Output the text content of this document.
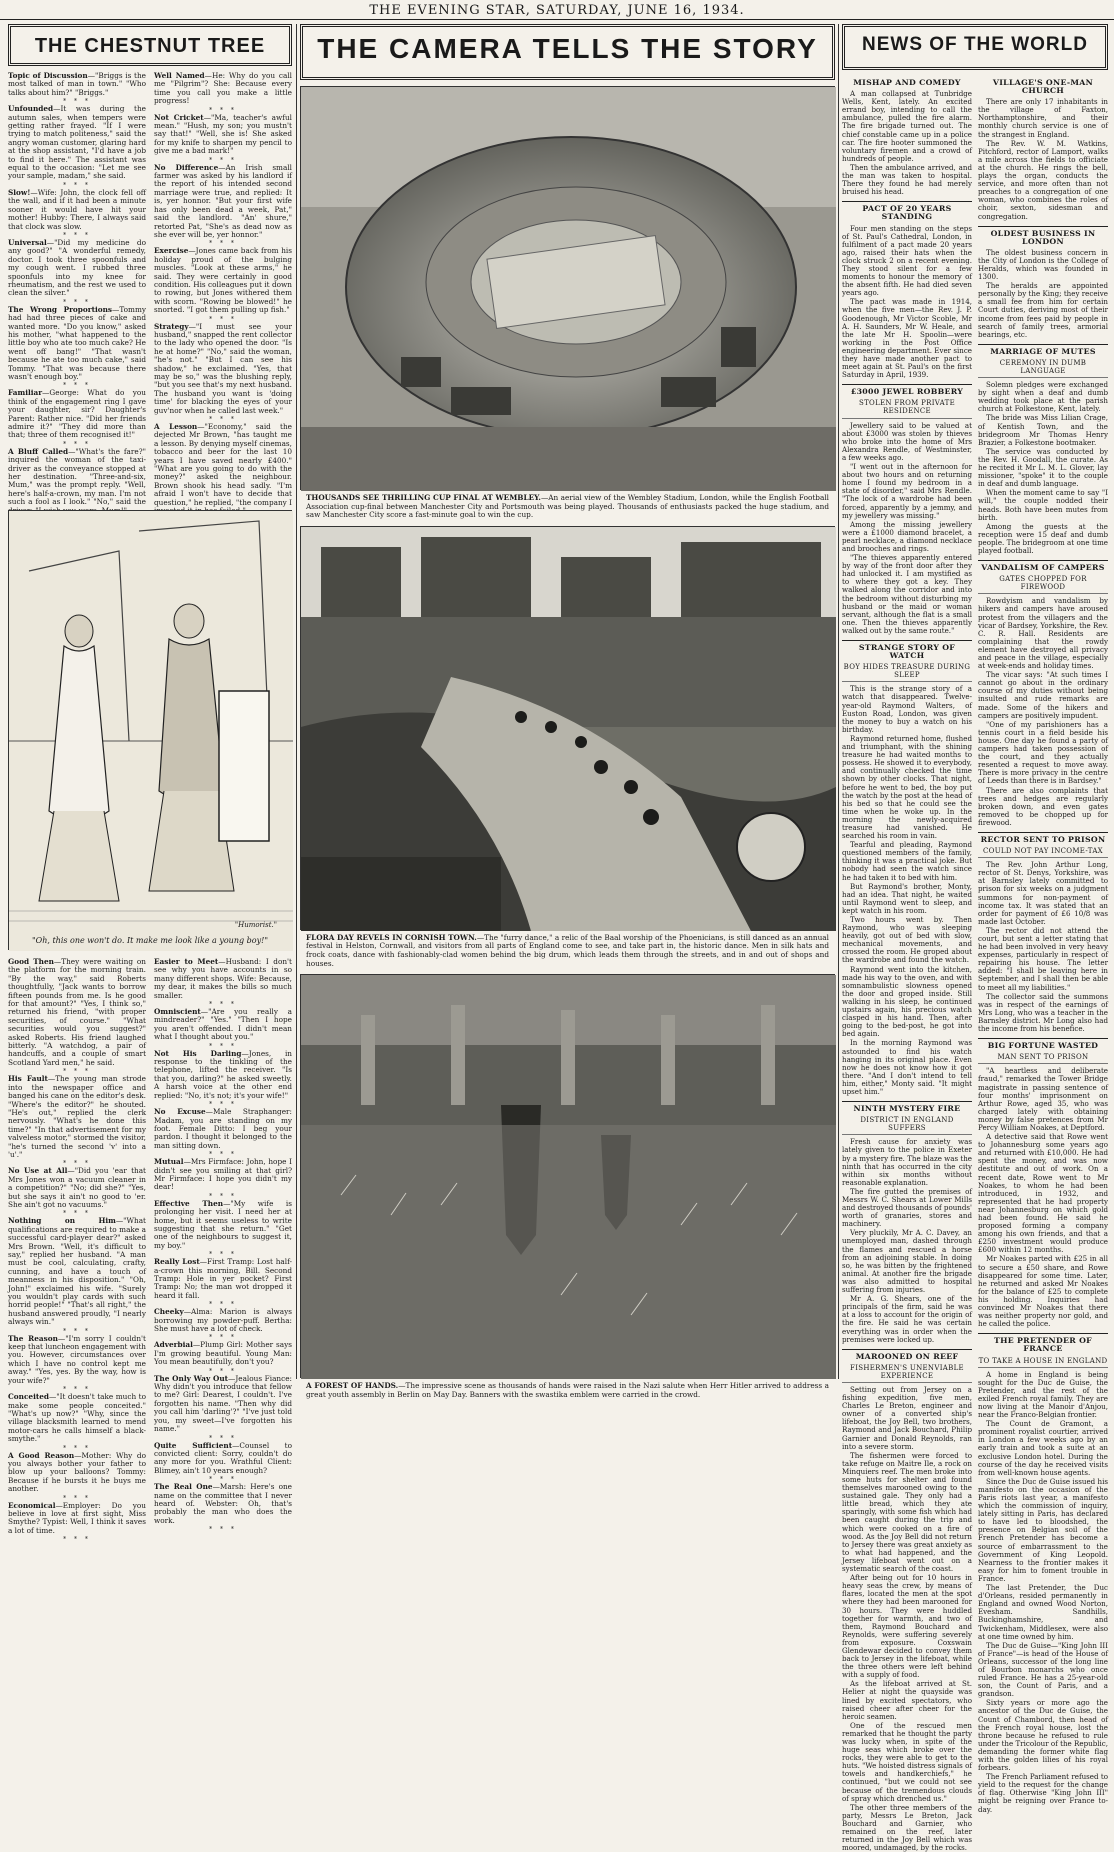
THE EVENING STAR, SATURDAY, JUNE 16, 1934.
THE CHESTNUT TREE
Topic of Discussion—"Briggs is the most talked of man in town." "Who talks about him?" "Briggs."
* * *
Unfounded—It was during the autumn sales, when tempers were getting rather frayed. "If I were trying to match politeness," said the angry woman customer, glaring hard at the shop assistant, "I'd have a job to find it here." The assistant was equal to the occasion: "Let me see your sample, madam," she said.
* * *
Slow!—Wife: John, the clock fell off the wall, and if it had been a minute sooner it would have hit your mother! Hubby: There, I always said that clock was slow.
* * *
Universal—"Did my medicine do any good?" "A wonderful remedy, doctor. I took three spoonfuls and my cough went. I rubbed three spoonfuls into my knee for rheumatism, and the rest we used to clean the silver."
* * *
The Wrong Proportions—Tommy had had three pieces of cake and wanted more. "Do you know," asked his mother, "what happened to the little boy who ate too much cake? He went off bang!" "That wasn't because he ate too much cake," said Tommy. "That was because there wasn't enough boy."
* * *
Familiar—George: What do you think of the engagement ring I gave your daughter, sir? Daughter's Parent: Rather nice. "Did her friends admire it?" "They did more than that; three of them recognised it!"
* * *
A Bluff Called—"What's the fare?" inquired the woman of the taxi-driver as the conveyance stopped at her destination. "Three-and-six, Mum," was the prompt reply. "Well, here's half-a-crown, my man. I'm not such a fool as I look." "No," said the
Well Named—He: Why do you call me "Pilgrim"? She: Because every time you call you make a little progress!
* * *
Not Cricket—"Ma, teacher's awful mean." "Hush, my son; you mustn't say that!" "Well, she is! She asked for my knife to sharpen my pencil to give me a bad mark!"
* * *
No Difference—An Irish small farmer was asked by his landlord if the report of his intended second marriage were true, and replied: It is, yer honnor. "But your first wife has only been dead a week, Pat," said the landlord. "An' shure," retorted Pat, "She's as dead now as she ever will be, yer honnor."
* * *
Exercise—Jones came back from his holiday proud of the bulging muscles. "Look at these arms," he said. They were certainly in good condition. His colleagues put it down to rowing, but Jones withered them with scorn. "Rowing be blowed!" he snorted. "I got them pulling up fish."
* * *
Strategy—"I must see your husband," snapped the rent collector to the lady who opened the door. "Is he at home?" "No," said the woman, "he's not." "But I can see his shadow," he exclaimed. "Yes, that may be so," was the blushing reply, "but you see that's my next husband. The husband you want is 'doing time' for blacking the eyes of your guv'nor when he called last week."
* * *
A Lesson—"Economy," said the dejected Mr Brown, "has taught me a lesson. By denying myself cinemas, tobacco and beer for the last 10 years I have saved nearly £400." "What are you going to do with the money?" asked the neighbour. Brown shook his head sadly. "I'm afraid I won't have to decide that question," he replied, "the company I
"Humorist."
"Oh, this one won't do. It make me look like a young boy!"
Good Then—They were waiting on the platform for the morning train. "By the way," said Roberts thoughtfully, "Jack wants to borrow fifteen pounds from me. Is he good for that amount?" "Yes, I think so," returned his friend, "with proper securities, of course." "What securities would you suggest?" asked Roberts. His friend laughed bitterly. "A watchdog, a pair of handcuffs, and a couple of smart Scotland Yard men," he said.
* * *
His Fault—The young man strode into the newspaper office and banged his cane on the editor's desk. "Where's the editor?" he shouted. "He's out," replied the clerk nervously. "What's he done this time?" "In that advertisement for my valveless motor," stormed the visitor, "he's turned the second 'v' into a 'u'."
* * *
No Use at All—"Did you 'ear that Mrs Jones won a vacuum cleaner in a competition?" "No; did she?" "Yes, but she says it ain't no good to 'er. She ain't got no vacuums."
* * *
Nothing on Him—"What qualifications are required to make a successful card-player dear?" asked Mrs Brown. "Well, it's difficult to say," replied her husband. "A man must be cool, calculating, crafty, cunning, and have a touch of meanness in his disposition." "Oh, John!" exclaimed his wife. "Surely you wouldn't play cards with such horrid people!" "That's all right," the husband answered proudly, "I nearly always win."
* * *
The Reason—"I'm sorry I couldn't keep that luncheon engagement with you. However, circumstances over which I have no control kept me away." "Yes, yes. By the way, how is your wife?"
* * *
Conceited—"It doesn't take much to make some people conceited." "What's up now?" "Why, since the village blacksmith learned to mend motor-cars he calls himself a black-smythe."
* * *
A Good Reason—Mother: Why do you always bother your father to blow up your balloons? Tommy: Because if he bursts it he buys me another.
* * *
Economical—Employer: Do you believe in love at first sight, Miss Smythe? Typist: Well, I think it saves a lot of time.
* * *
Easier to Meet—Husband: I don't see why you have accounts in so many different shops. Wife: Because, my dear, it makes the bills so much smaller.
* * *
Omniscient—"Are you really a mindreader?" "Yes." "Then I hope you aren't offended. I didn't mean what I thought about you."
* * *
Not His Darling—Jones, in response to the tinkling of the telephone, lifted the receiver. "Is that you, darling?" he asked sweetly. A harsh voice at the other end replied: "No, it's not; it's your wife!"
* * *
No Excuse—Male Straphanger: Madam, you are standing on my foot. Female Ditto: I beg your pardon. I thought it belonged to the man sitting down.
* * *
Mutual—Mrs Firmface: John, hope I didn't see you smiling at that girl? Mr Firmface: I hope you didn't my dear!
* * *
Effective Then—"My wife is prolonging her visit. I need her at home, but it seems useless to write suggesting that she return." "Get one of the neighbours to suggest it, my boy."
* * *
Really Lost—First Tramp: Lost half-a-crown this morning, Bill. Second Tramp: Hole in yer pocket? First Tramp: No; the man wot dropped it heard it fall.
* * *
Cheeky—Alma: Marion is always borrowing my powder-puff. Bertha: She must have a lot of check.
* * *
Adverbial—Plump Girl: Mother says I'm growing beautiful. Young Man: You mean beautifully, don't you?
* * *
The Only Way Out—Jealous Fiance: Why didn't you introduce that fellow to me? Girl: Dearest, I couldn't. I've forgotten his name. "Then why did you call him 'darling'?" "I've just told you, my sweet—I've forgotten his name."
* * *
Quite Sufficient—Counsel to convicted client: Sorry, couldn't do any more for you. Wrathful Client: Blimey, ain't 10 years enough?
* * *
The Real One—Marsh: Here's one name on the committee that I never heard of. Webster: Oh, that's probably the man who does the work.
* * *
THE CAMERA TELLS THE STORY
THOUSANDS SEE THRILLING CUP FINAL AT WEMBLEY.—An aerial view of the Wembley Stadium, London, while the English Football Association cup-final between Manchester City and Portsmouth was being played. Thousands of enthusiasts packed the huge stadium, and saw Manchester City score a fast-minute goal to win the cup.
FLORA DAY REVELS IN CORNISH TOWN.—The "furry dance," a relic of the Baal worship of the Phoenicians, is still danced as an annual festival in Helston, Cornwall, and visitors from all parts of England come to see, and take part in, the historic dance. Men in silk hats and frock coats, dance with fashionably-clad women behind the big drum, which leads them through the streets, and in and out of shops and houses.
A FOREST OF HANDS.—The impressive scene as thousands of hands were raised in the Nazi salute when Herr Hitler arrived to address a great youth assembly in Berlin on May Day. Banners with the swastika emblem were carried in the crowd.
NEWS OF THE WORLD
MISHAP AND COMEDY
A man collapsed at Tunbridge Wells, Kent, lately. An excited errand boy, intending to call the ambulance, pulled the fire alarm. The fire brigade turned out. The chief constable came up in a police car. The fire hooter summoned the voluntary firemen and a crowd of hundreds of people.
Then the ambulance arrived, and the man was taken to hospital. There they found he had merely bruised his head.
PACT OF 20 YEARS STANDING
Four men standing on the steps of St. Paul's Cathedral, London, in fulfilment of a pact made 20 years ago, raised their hats when the clock struck 2 on a recent evening. They stood silent for a few moments to honour the memory of the absent fifth. He had died seven years ago.
The pact was made in 1914, when the five men—the Rev. J. P. Goodenough, Mr Victor Scoble, Mr A. H. Saunders, Mr W. Heale, and the late Mr H. Spoolin—were working in the Post Office engineering department. Ever since they have made another pact to meet again at St. Paul's on the first Saturday in April, 1939.
£3000 JEWEL ROBBERY
STOLEN FROM PRIVATE RESIDENCE
Jewellery said to be valued at about £3000 was stolen by thieves who broke into the home of Mrs Alexandra Rendle, of Westminster, a few weeks ago.
"I went out in the afternoon for about two hours and on returning home I found my bedroom in a state of disorder," said Mrs Rendle. "The lock of a wardrobe had been forced, apparently by a jemmy, and my jewellery was missing."
Among the missing jewellery were a £1000 diamond bracelet, a pearl necklace, a diamond necklace and brooches and rings.
"The thieves apparently entered by way of the front door after they had unlocked it. I am mystified as to where they got a key. They walked along the corridor and into the bedroom without disturbing my husband or the maid or woman servant, although the flat is a small one. Then the thieves apparently walked out by the same route."
STRANGE STORY OF WATCH
BOY HIDES TREASURE DURING SLEEP
This is the strange story of a watch that disappeared. Twelve-year-old Raymond Walters, of Euston Road, London, was given the money to buy a watch on his birthday.
Raymond returned home, flushed and triumphant, with the shining treasure he had waited months to possess. He showed it to everybody, and continually checked the time shown by other clocks. That night, before he went to bed, the boy put the watch by the post at the head of his bed so that he could see the time when he woke up. In the morning the newly-acquired treasure had vanished. He searched his room in vain.
Tearful and pleading, Raymond questioned members of the family, thinking it was a practical joke. But nobody had seen the watch since he had taken it to bed with him.
But Raymond's brother, Monty, had an idea. That night, he waited until Raymond went to sleep, and kept watch in his room.
Two hours went by. Then Raymond, who was sleeping heavily, got out of bed with slow, mechanical movements, and crossed the room. He groped about the wardrobe and found the watch.
Raymond went into the kitchen, made his way to the oven, and with somnambulistic slowness opened the door and groped inside. Still walking in his sleep, he continued upstairs again, his precious watch clasped in his hand. Then, after going to the bed-post, he got into bed again.
In the morning Raymond was astounded to find his watch hanging in its original place. Even now he does not know how it got there. "And I don't intend to tell him, either," Monty said. "It might upset him."
NINTH MYSTERY FIRE
DISTRICT IN ENGLAND SUFFERS
Fresh cause for anxiety was lately given to the police in Exeter by a mystery fire. The blaze was the ninth that has occurred in the city within six months without reasonable explanation.
The fire gutted the premises of Messrs W. C. Shears at Lower Mills and destroyed thousands of pounds' worth of granaries, stores and machinery.
Very pluckily, Mr A. C. Davey, an unemployed man, dashed through the flames and rescued a horse from an adjoining stable. In doing so, he was bitten by the frightened animal. At another fire the brigade was also admitted to hospital suffering from injuries.
Mr A. G. Shears, one of the principals of the firm, said he was at a loss to account for the origin of the fire. He said he was certain everything was in order when the premises were locked up.
MAROONED ON REEF
FISHERMEN'S UNENVIABLE EXPERIENCE
Setting out from Jersey on a fishing expedition, five men, Charles Le Breton, engineer and owner of a converted ship's lifeboat, the Joy Bell, two brothers, Raymond and Jack Bouchard, Philip Garnier and Donald Reynolds, ran into a severe storm.
The fishermen were forced to take refuge on Maitre Ile, a rock on Minquiers reef. The men broke into some huts for shelter and found themselves marooned owing to the sustained gale. They only had a little bread, which they ate sparingly, with some fish which had been caught during the trip and which were cooked on a fire of wood. As the Joy Bell did not return to Jersey there was great anxiety as to what had happened, and the Jersey lifeboat went out on a systematic search of the coast.
After being out for 10 hours in heavy seas the crew, by means of flares, located the men at the spot where they had been marooned for 30 hours. They were huddled together for warmth, and two of them, Raymond Bouchard and Reynolds, were suffering severely from exposure. Coxswain Glendewar decided to convey them back to Jersey in the lifeboat, while the three others were left behind with a supply of food.
As the lifeboat arrived at St. Helier at night the quayside was lined by excited spectators, who raised cheer after cheer for the heroic seamen.
One of the rescued men remarked that he thought the party was lucky when, in spite of the huge seas which broke over the rocks, they were able to get to the huts. "We hoisted distress signals of towels and handkerchiefs," he continued, "but we could not see because of the tremendous clouds of spray which drenched us."
The other three members of the party, Messrs Le Breton, Jack Bouchard and Garnier, who remained on the reef, later returned in the Joy Bell which was moored, undamaged, by the rocks.
VILLAGE'S ONE-MAN CHURCH
There are only 17 inhabitants in the village of Faxton, Northamptonshire, and their monthly church service is one of the strangest in England.
The Rev. W. M. Watkins, Pitchford, rector of Lamport, walks a mile across the fields to officiate at the church. He rings the bell, plays the organ, conducts the service, and more often than not preaches to a congregation of one woman, who combines the roles of choir, sexton, sidesman and congregation.
OLDEST BUSINESS IN LONDON
The oldest business concern in the City of London is the College of Heralds, which was founded in 1300.
The heralds are appointed personally by the King; they receive a small fee from him for certain Court duties, deriving most of their income from fees paid by people in search of family trees, armorial bearings, etc.
MARRIAGE OF MUTES
CEREMONY IN DUMB LANGUAGE
Solemn pledges were exchanged by sight when a deaf and dumb wedding took place at the parish church at Folkestone, Kent, lately.
The bride was Miss Lilian Crage, of Kentish Town, and the bridegroom Mr Thomas Henry Brazier, a Folkestone bootmaker.
The service was conducted by the Rev. H. Goodall, the curate. As he recited it Mr L. M. L. Glover, lay missioner, "spoke" it to the couple in deaf and dumb language.
When the moment came to say "I will," the couple nodded their heads. Both have been mutes from birth.
Among the guests at the reception were 15 deaf and dumb people. The bridegroom at one time played football.
VANDALISM OF CAMPERS
GATES CHOPPED FOR FIREWOOD
Rowdyism and vandalism by hikers and campers have aroused protest from the villagers and the vicar of Bardsey, Yorkshire, the Rev. C. R. Hall. Residents are complaining that the rowdy element have destroyed all privacy and peace in the village, especially at week-ends and holiday times.
The vicar says: "At such times I cannot go about in the ordinary course of my duties without being insulted and rude remarks are made. Some of the hikers and campers are positively impudent.
"One of my parishioners has a tennis court in a field beside his house. One day he found a party of campers had taken possession of the court, and they actually resented a request to move away. There is more privacy in the centre of Leeds than there is in Bardsey."
There are also complaints that trees and hedges are regularly broken down, and even gates removed to be chopped up for firewood.
RECTOR SENT TO PRISON
COULD NOT PAY INCOME-TAX
The Rev. John Arthur Long, rector of St. Denys, Yorkshire, was at Barnsley lately committed to prison for six weeks on a judgment summons for non-payment of income tax. It was stated that an order for payment of £6 10/8 was made last October.
The rector did not attend the court, but sent a letter stating that he had been involved in very heavy expenses, particularly in respect of repairing his house. The letter added: "I shall be leaving here in September, and I shall then be able to meet all my liabilities."
The collector said the summons was in respect of the earnings of Mrs Long, who was a teacher in the Barnsley district. Mr Long also had the income from his benefice.
BIG FORTUNE WASTED
MAN SENT TO PRISON
"A heartless and deliberate fraud," remarked the Tower Bridge magistrate in passing sentence of four months' imprisonment on Arthur Rowe, aged 35, who was charged lately with obtaining money by false pretences from Mr Percy William Noakes, at Deptford.
A detective said that Rowe went to Johannesburg some years ago and returned with £10,000. He had spent the money, and was now destitute and out of work. On a recent date, Rowe went to Mr Noakes, to whom he had been introduced, in 1932, and represented that he had property near Johannesburg on which gold had been found. He said he proposed forming a company among his own friends, and that a £250 investment would produce £600 within 12 months.
Mr Noakes parted with £25 in all to secure a £50 share, and Rowe disappeared for some time. Later, he returned and asked Mr Noakes for the balance of £25 to complete his holding. Inquiries had convinced Mr Noakes that there was neither property nor gold, and he called the police.
THE PRETENDER OF FRANCE
TO TAKE A HOUSE IN ENGLAND
A home in England is being sought for the Duc de Guise, the Pretender, and the rest of the exiled French royal family. They are now living at the Manoir d'Anjou, near the Franco-Belgian frontier.
The Count de Gramont, a prominent royalist courtier, arrived in London a few weeks ago by an early train and took a suite at an exclusive London hotel. During the course of the day he received visits from well-known house agents.
Since the Duc de Guise issued his manifesto on the occasion of the Paris riots last year, a manifesto which the commission of inquiry, lately sitting in Paris, has declared to have led to bloodshed, the presence on Belgian soil of the French Pretender has become a source of embarrassment to the Government of King Leopold. Nearness to the frontier makes it easy for him to foment trouble in France.
The last Pretender, the Duc d'Orleans, resided permanently in England and owned Wood Norton, Evesham. Sandhills, Buckinghamshire, and Twickenham, Middlesex, were also at one time owned by him.
The Duc de Guise—"King John III of France"—is head of the House of Orleans, successor of the long line of Bourbon monarchs who once ruled France. He has a 25-year-old son, the Count of Paris, and a grandson.
Sixty years or more ago the ancestor of the Duc de Guise, the Count of Chambord, then head of the French royal house, lost the throne because he refused to rule under the Tricolour of the Republic, demanding the former white flag with the golden lilies of his royal forbears.
The French Parliament refused to yield to the request for the change of flag. Otherwise "King John III" might be reigning over France to-day.
